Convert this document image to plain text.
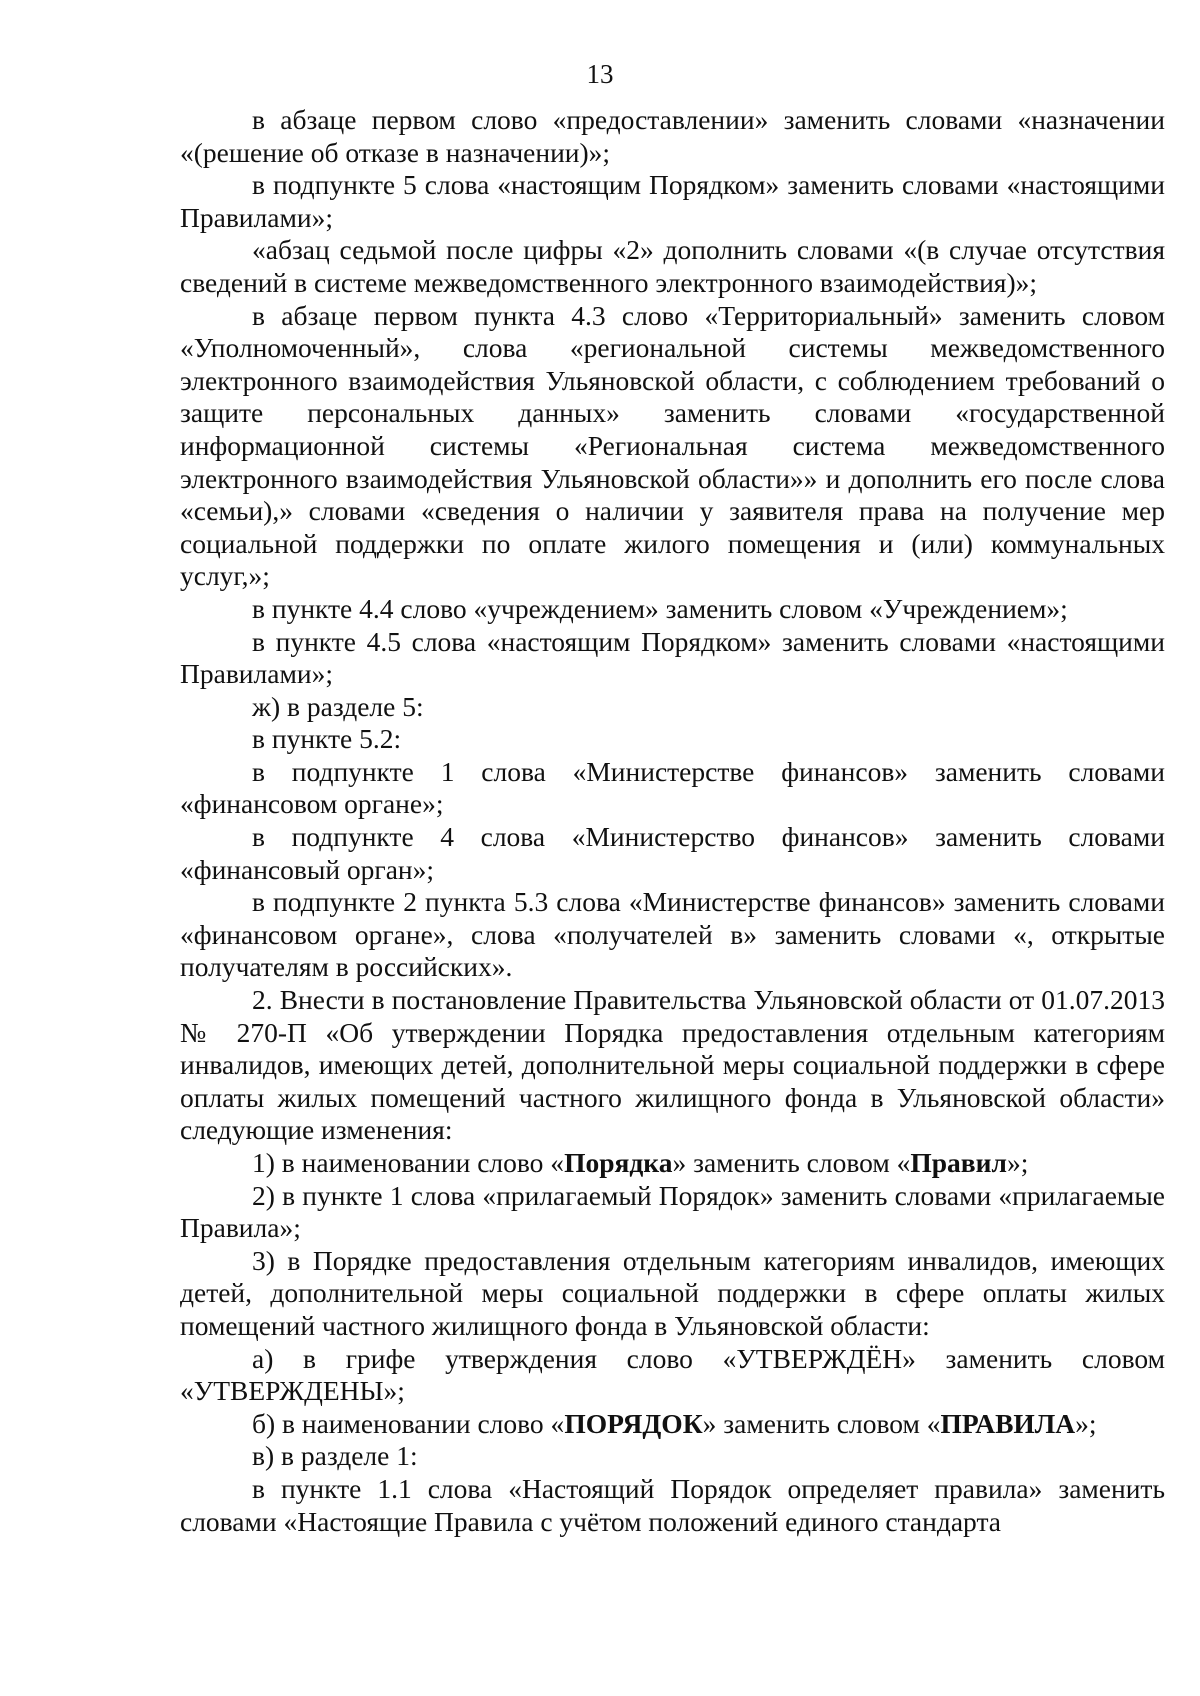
13

в абзаце первом слово «предоставлении» заменить словами «назначении «(решение об отказе в назначении)»;

в подпункте 5 слова «настоящим Порядком» заменить словами «настоящими Правилами»;

«абзац седьмой после цифры «2» дополнить словами «(в случае отсутствия сведений в системе межведомственного электронного взаимодействия)»;

в абзаце первом пункта 4.3 слово «Территориальный» заменить словом «Уполномоченный», слова «региональной системы межведомственного электронного взаимодействия Ульяновской области, с соблюдением требований о защите персональных данных» заменить словами «государственной информационной системы «Региональная система межведомственного электронного взаимодействия Ульяновской области»» и дополнить его после слова «семьи),» словами «сведения о наличии у заявителя права на получение мер социальной поддержки по оплате жилого помещения и (или) коммунальных услуг,»;

в пункте 4.4 слово «учреждением» заменить словом «Учреждением»;

в пункте 4.5 слова «настоящим Порядком» заменить словами «настоящими Правилами»;

ж) в разделе 5:

в пункте 5.2:

в подпункте 1 слова «Министерстве финансов» заменить словами «финансовом органе»;

в подпункте 4 слова «Министерство финансов» заменить словами «финансовый орган»;

в подпункте 2 пункта 5.3 слова «Министерстве финансов» заменить словами «финансовом органе», слова «получателей в» заменить словами «, открытые получателям в российских».

2. Внести в постановление Правительства Ульяновской области от 01.07.2013 № 270-П «Об утверждении Порядка предоставления отдельным категориям инвалидов, имеющих детей, дополнительной меры социальной поддержки в сфере оплаты жилых помещений частного жилищного фонда в Ульяновской области» следующие изменения:

1) в наименовании слово «Порядка» заменить словом «Правил»;

2) в пункте 1 слова «прилагаемый Порядок» заменить словами «прилагаемые Правила»;

3) в Порядке предоставления отдельным категориям инвалидов, имеющих детей, дополнительной меры социальной поддержки в сфере оплаты жилых помещений частного жилищного фонда в Ульяновской области:

а) в грифе утверждения слово «УТВЕРЖДЁН» заменить словом «УТВЕРЖДЕНЫ»;

б) в наименовании слово «ПОРЯДОК» заменить словом «ПРАВИЛА»;

в) в разделе 1:

в пункте 1.1 слова «Настоящий Порядок определяет правила» заменить словами «Настоящие Правила с учётом положений единого стандарта
